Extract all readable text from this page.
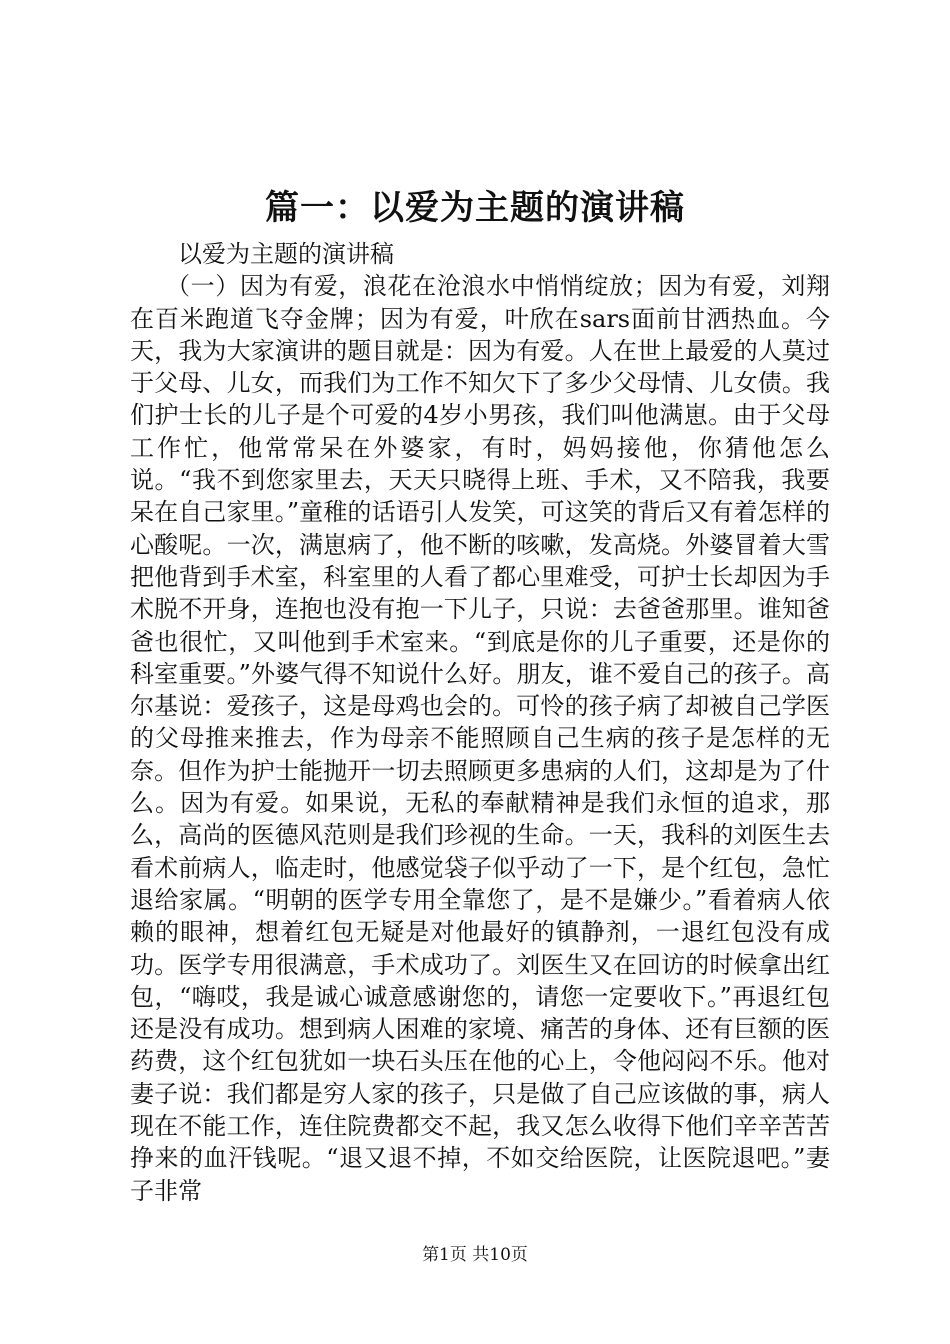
篇一：以爱为主题的演讲稿
以爱为主题的演讲稿
（一）因为有爱，浪花在沧浪水中悄悄绽放；因为有爱，刘翔在百米跑道飞夺金牌；因为有爱，叶欣在sars面前甘洒热血。今天，我为大家演讲的题目就是：因为有爱。人在世上最爱的人莫过于父母、儿女，而我们为工作不知欠下了多少父母情、儿女债。我们护士长的儿子是个可爱的4岁小男孩，我们叫他满崽。由于父母工作忙，他常常呆在外婆家，有时，妈妈接他，你猜他怎么说。“我不到您家里去，天天只晓得上班、手术，又不陪我，我要呆在自己家里。”童稚的话语引人发笑，可这笑的背后又有着怎样的心酸呢。一次，满崽病了，他不断的咳嗽，发高烧。外婆冒着大雪把他背到手术室，科室里的人看了都心里难受，可护士长却因为手术脱不开身，连抱也没有抱一下儿子，只说：去爸爸那里。谁知爸爸也很忙，又叫他到手术室来。“到底是你的儿子重要，还是你的科室重要。”外婆气得不知说什么好。朋友，谁不爱自己的孩子。高尔基说：爱孩子，这是母鸡也会的。可怜的孩子病了却被自己学医的父母推来推去，作为母亲不能照顾自己生病的孩子是怎样的无奈。但作为护士能抛开一切去照顾更多患病的人们，这却是为了什么。因为有爱。如果说，无私的奉献精神是我们永恒的追求，那么，高尚的医德风范则是我们珍视的生命。一天，我科的刘医生去看术前病人，临走时，他感觉袋子似乎动了一下，是个红包，急忙退给家属。“明朝的医学专用全靠您了，是不是嫌少。”看着病人依赖的眼神，想着红包无疑是对他最好的镇静剂，一退红包没有成功。医学专用很满意，手术成功了。刘医生又在回访的时候拿出红包，“嗨哎，我是诚心诚意感谢您的，请您一定要收下。”再退红包还是没有成功。想到病人困难的家境、痛苦的身体、还有巨额的医药费，这个红包犹如一块石头压在他的心上，令他闷闷不乐。他对妻子说：我们都是穷人家的孩子，只是做了自己应该做的事，病人现在不能工作，连住院费都交不起，我又怎么收得下他们辛辛苦苦挣来的血汗钱呢。“退又退不掉，不如交给医院，让医院退吧。”妻子非常
第1页 共10页
